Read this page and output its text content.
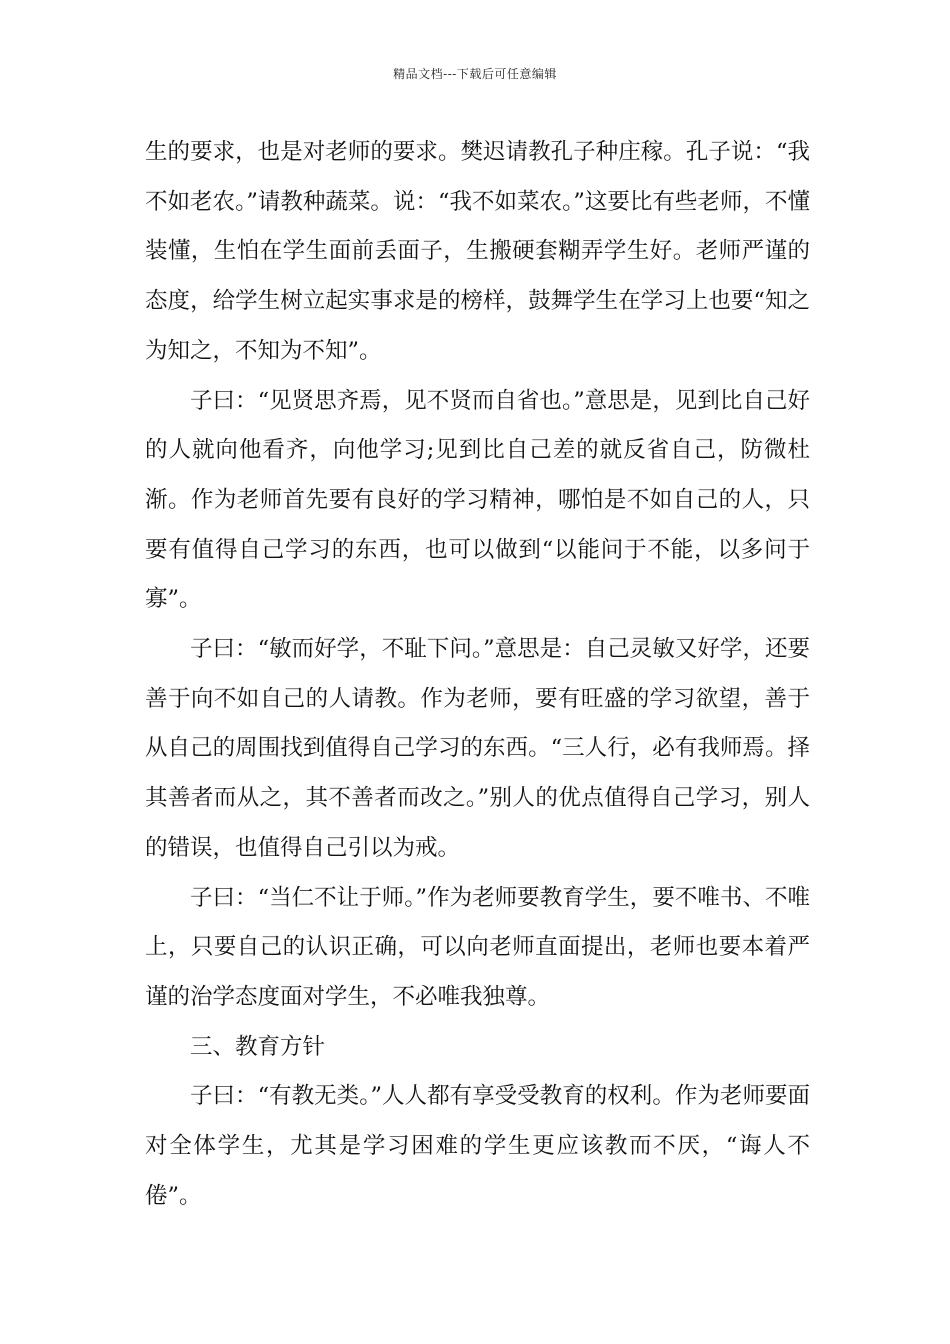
精品文档---下载后可任意编辑

生的要求，也是对老师的要求。樊迟请教孔子种庄稼。孔子说：“我不如老农。”请教种蔬菜。说：“我不如菜农。”这要比有些老师，不懂装懂，生怕在学生面前丢面子，生搬硬套糊弄学生好。老师严谨的态度，给学生树立起实事求是的榜样，鼓舞学生在学习上也要“知之为知之，不知为不知”。

子曰：“见贤思齐焉，见不贤而自省也。”意思是，见到比自己好的人就向他看齐，向他学习;见到比自己差的就反省自己，防微杜渐。作为老师首先要有良好的学习精神，哪怕是不如自己的人，只要有值得自己学习的东西，也可以做到“以能问于不能，以多问于寡”。

子曰：“敏而好学，不耻下问。”意思是：自己灵敏又好学，还要善于向不如自己的人请教。作为老师，要有旺盛的学习欲望，善于从自己的周围找到值得自己学习的东西。“三人行，必有我师焉。择其善者而从之，其不善者而改之。”别人的优点值得自己学习，别人的错误，也值得自己引以为戒。

子曰：“当仁不让于师。”作为老师要教育学生，要不唯书、不唯上，只要自己的认识正确，可以向老师直面提出，老师也要本着严谨的治学态度面对学生，不必唯我独尊。

三、教育方针

子曰：“有教无类。”人人都有享受受教育的权利。作为老师要面对全体学生，尤其是学习困难的学生更应该教而不厌，“诲人不倦”。
